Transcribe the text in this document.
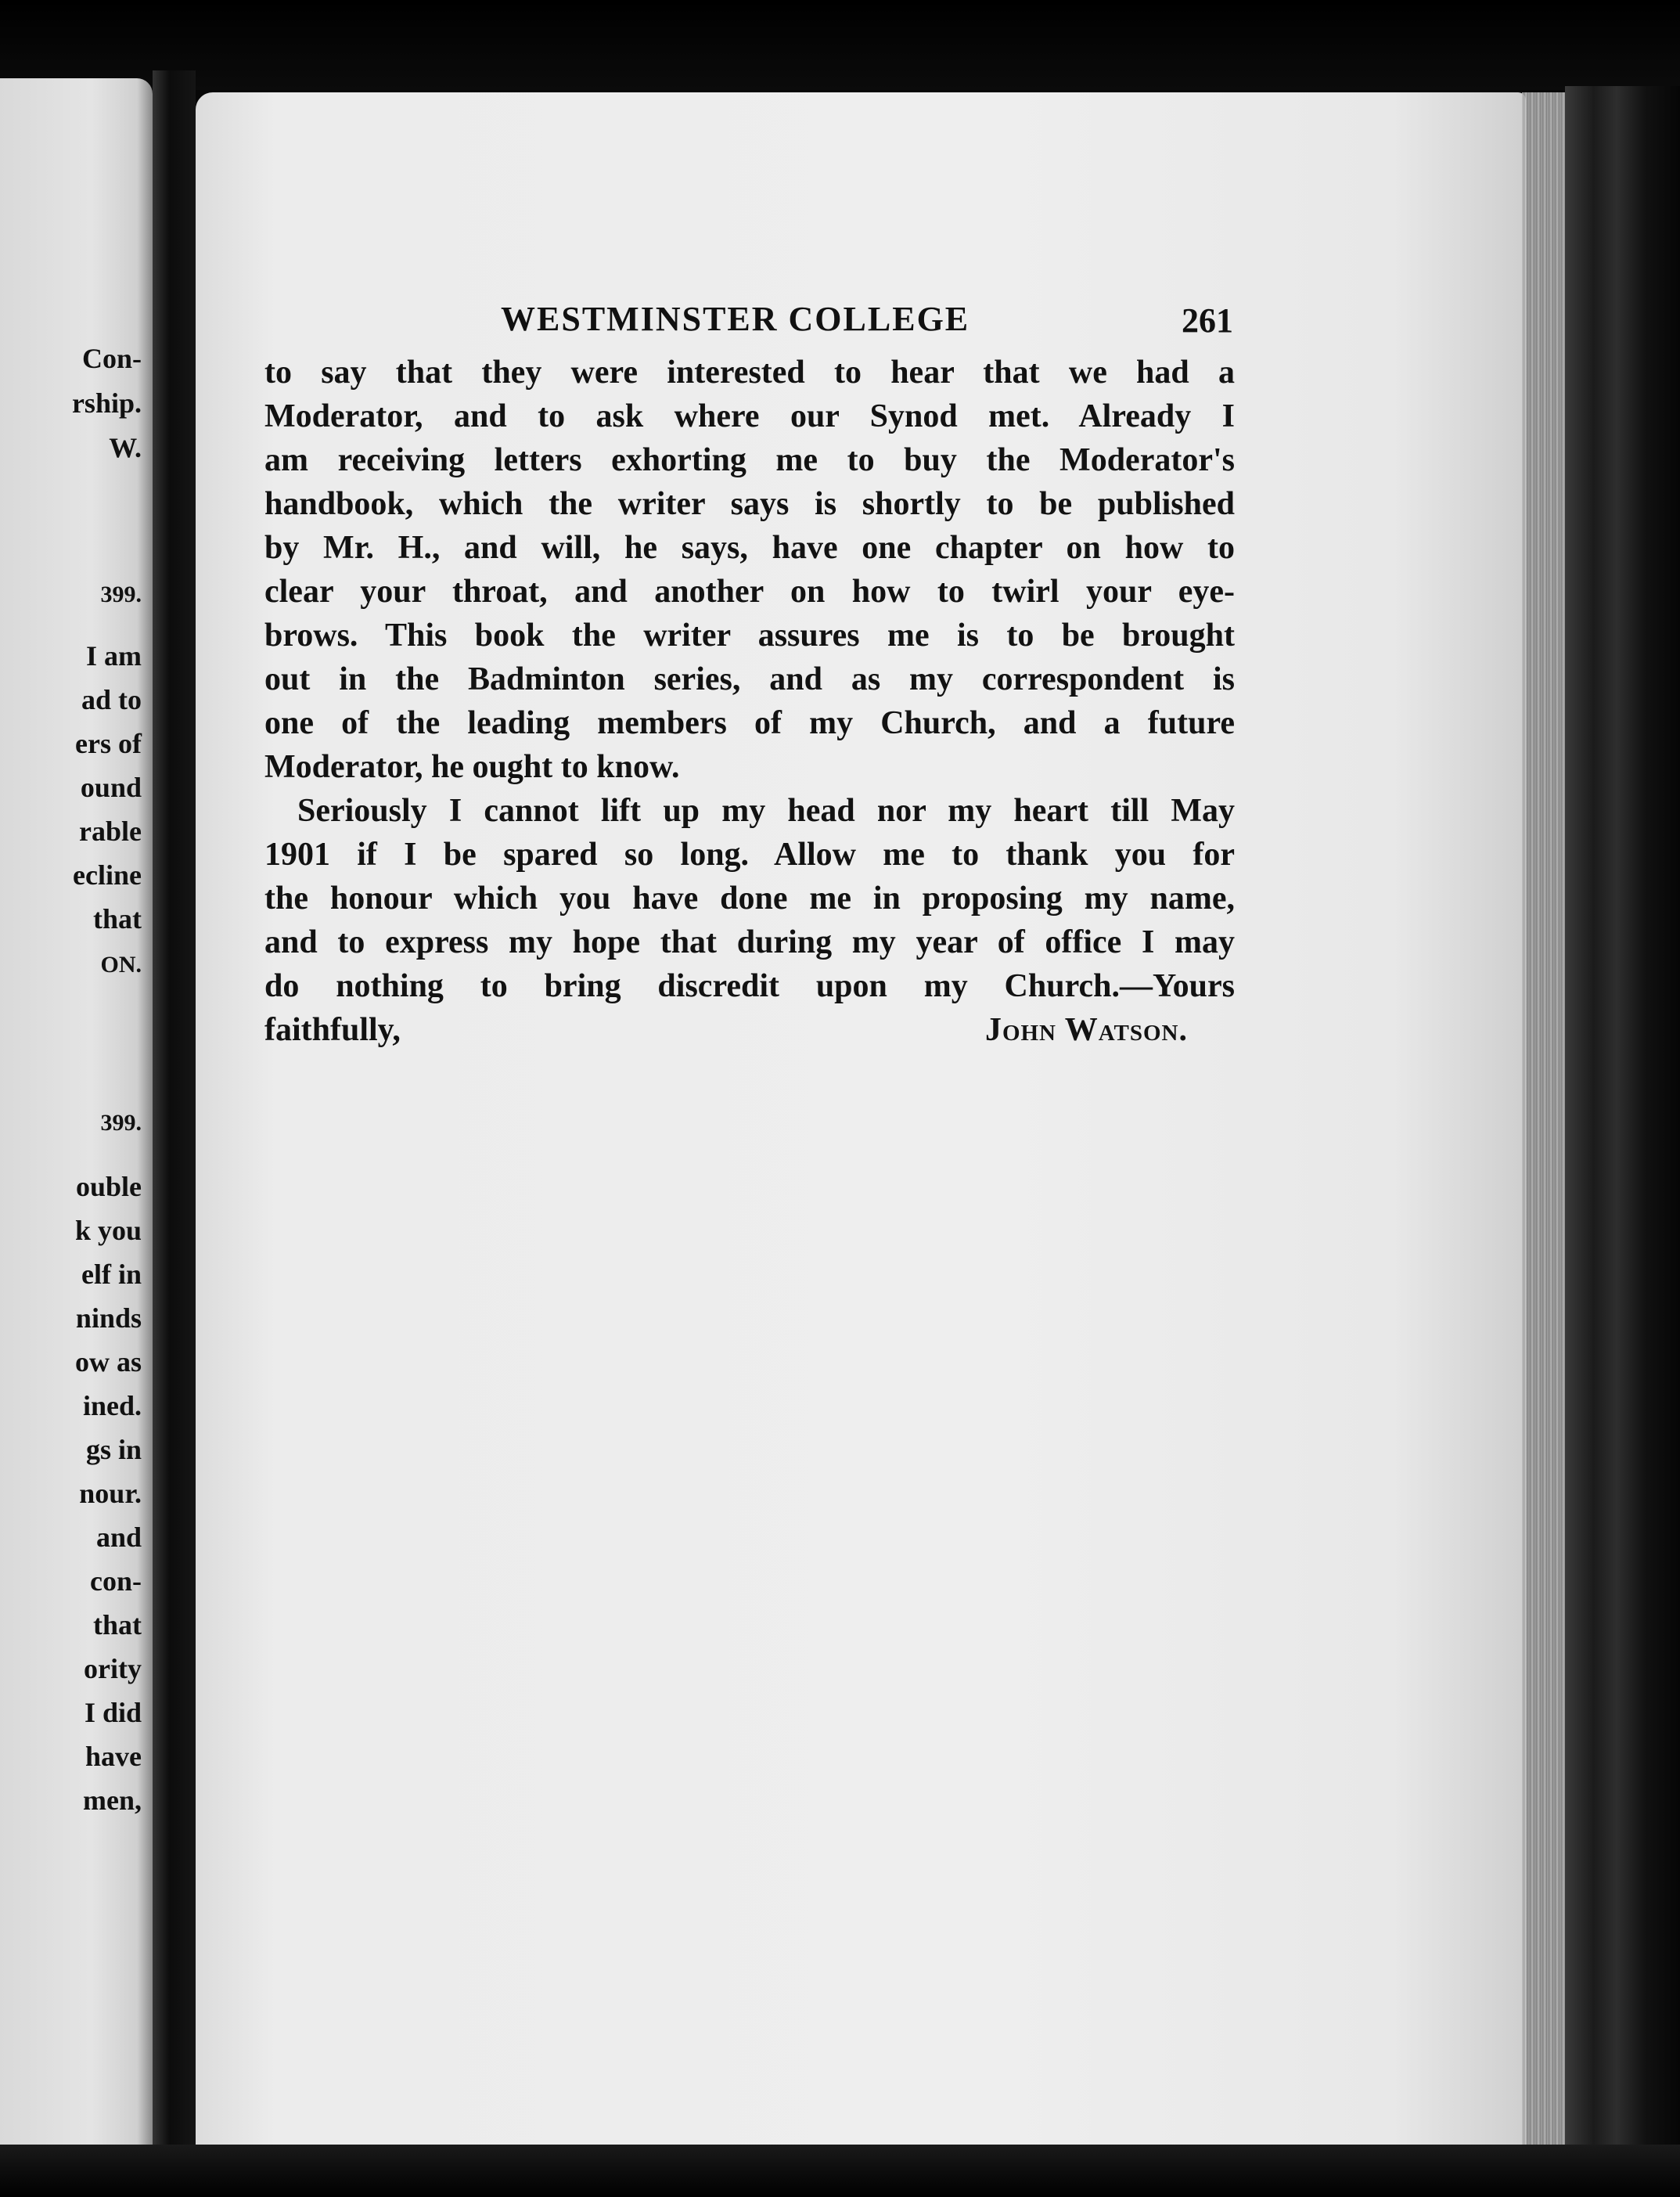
Con-
rship.
W.
399.
I am
ad to
ers of
ound
rable
ecline
that
ON.
399.
ouble
k you
elf in
ninds
ow as
ined.
gs in
nour.
and
con-
that
ority
I did
have
men,
WESTMINSTER COLLEGE	261
to say that they were interested to hear that we had a
Moderator, and to ask where our Synod met. Already I
am receiving letters exhorting me to buy the Moderator's
handbook, which the writer says is shortly to be published
by Mr. H., and will, he says, have one chapter on how to
clear your throat, and another on how to twirl your eye-
brows. This book the writer assures me is to be brought
out in the Badminton series, and as my correspondent is
one of the leading members of my Church, and a future
Moderator, he ought to know.
Seriously I cannot lift up my head nor my heart till May
1901 if I be spared so long. Allow me to thank you for
the honour which you have done me in proposing my name,
and to express my hope that during my year of office I may
do nothing to bring discredit upon my Church.—Yours
faithfully,	John Watson.
